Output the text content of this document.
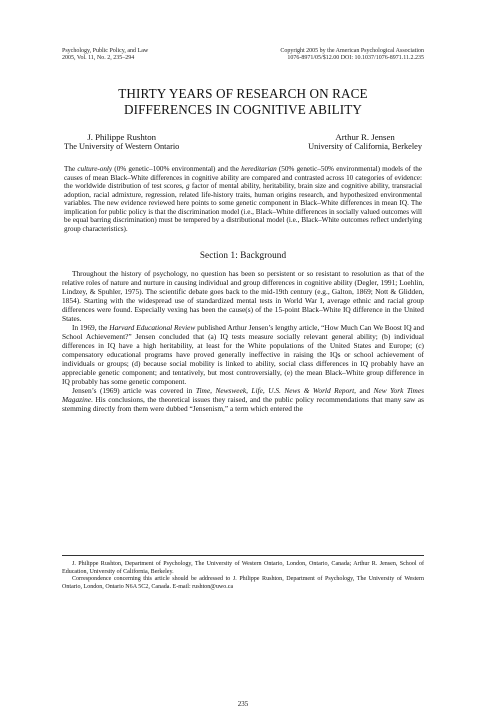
Psychology, Public Policy, and Law
2005, Vol. 11, No. 2, 235–294
Copyright 2005 by the American Psychological Association
1076-8971/05/$12.00 DOI: 10.1037/1076-8971.11.2.235
THIRTY YEARS OF RESEARCH ON RACE
DIFFERENCES IN COGNITIVE ABILITY
J. Philippe Rushton
The University of Western Ontario
Arthur R. Jensen
University of California, Berkeley
The culture-only (0% genetic–100% environmental) and the hereditarian (50% genetic–50% environmental) models of the causes of mean Black–White differences in cognitive ability are compared and contrasted across 10 categories of evidence: the worldwide distribution of test scores, g factor of mental ability, heritability, brain size and cognitive ability, transracial adoption, racial admixture, regression, related life-history traits, human origins research, and hypothesized environmental variables. The new evidence reviewed here points to some genetic component in Black–White differences in mean IQ. The implication for public policy is that the discrimination model (i.e., Black–White differences in socially valued outcomes will be equal barring discrimination) must be tempered by a distributional model (i.e., Black–White outcomes reflect underlying group characteristics).
Section 1: Background

Throughout the history of psychology, no question has been so persistent or so resistant to resolution as that of the relative roles of nature and nurture in causing individual and group differences in cognitive ability (Degler, 1991; Loehlin, Lindzey, & Spuhler, 1975). The scientific debate goes back to the mid-19th century (e.g., Galton, 1869; Nott & Glidden, 1854). Starting with the widespread use of standardized mental tests in World War I, average ethnic and racial group differences were found. Especially vexing has been the cause(s) of the 15-point Black–White IQ difference in the United States.

In 1969, the Harvard Educational Review published Arthur Jensen’s lengthy article, “How Much Can We Boost IQ and School Achievement?” Jensen concluded that (a) IQ tests measure socially relevant general ability; (b) individual differences in IQ have a high heritability, at least for the White populations of the United States and Europe; (c) compensatory educational programs have proved generally ineffective in raising the IQs or school achievement of individuals or groups; (d) because social mobility is linked to ability, social class differences in IQ probably have an appreciable genetic component; and tentatively, but most controversially, (e) the mean Black–White group difference in IQ probably has some genetic component.

Jensen’s (1969) article was covered in Time, Newsweek, Life, U.S. News & World Report, and New York Times Magazine. His conclusions, the theoretical issues they raised, and the public policy recommendations that many saw as stemming directly from them were dubbed “Jensenism,” a term which entered the

J. Philippe Rushton, Department of Psychology, The University of Western Ontario, London, Ontario, Canada; Arthur R. Jensen, School of Education, University of California, Berkeley.

Correspondence concerning this article should be addressed to J. Philippe Rushton, Department of Psychology, The University of Western Ontario, London, Ontario N6A 5C2, Canada. E-mail: rushton@uwo.ca

235
